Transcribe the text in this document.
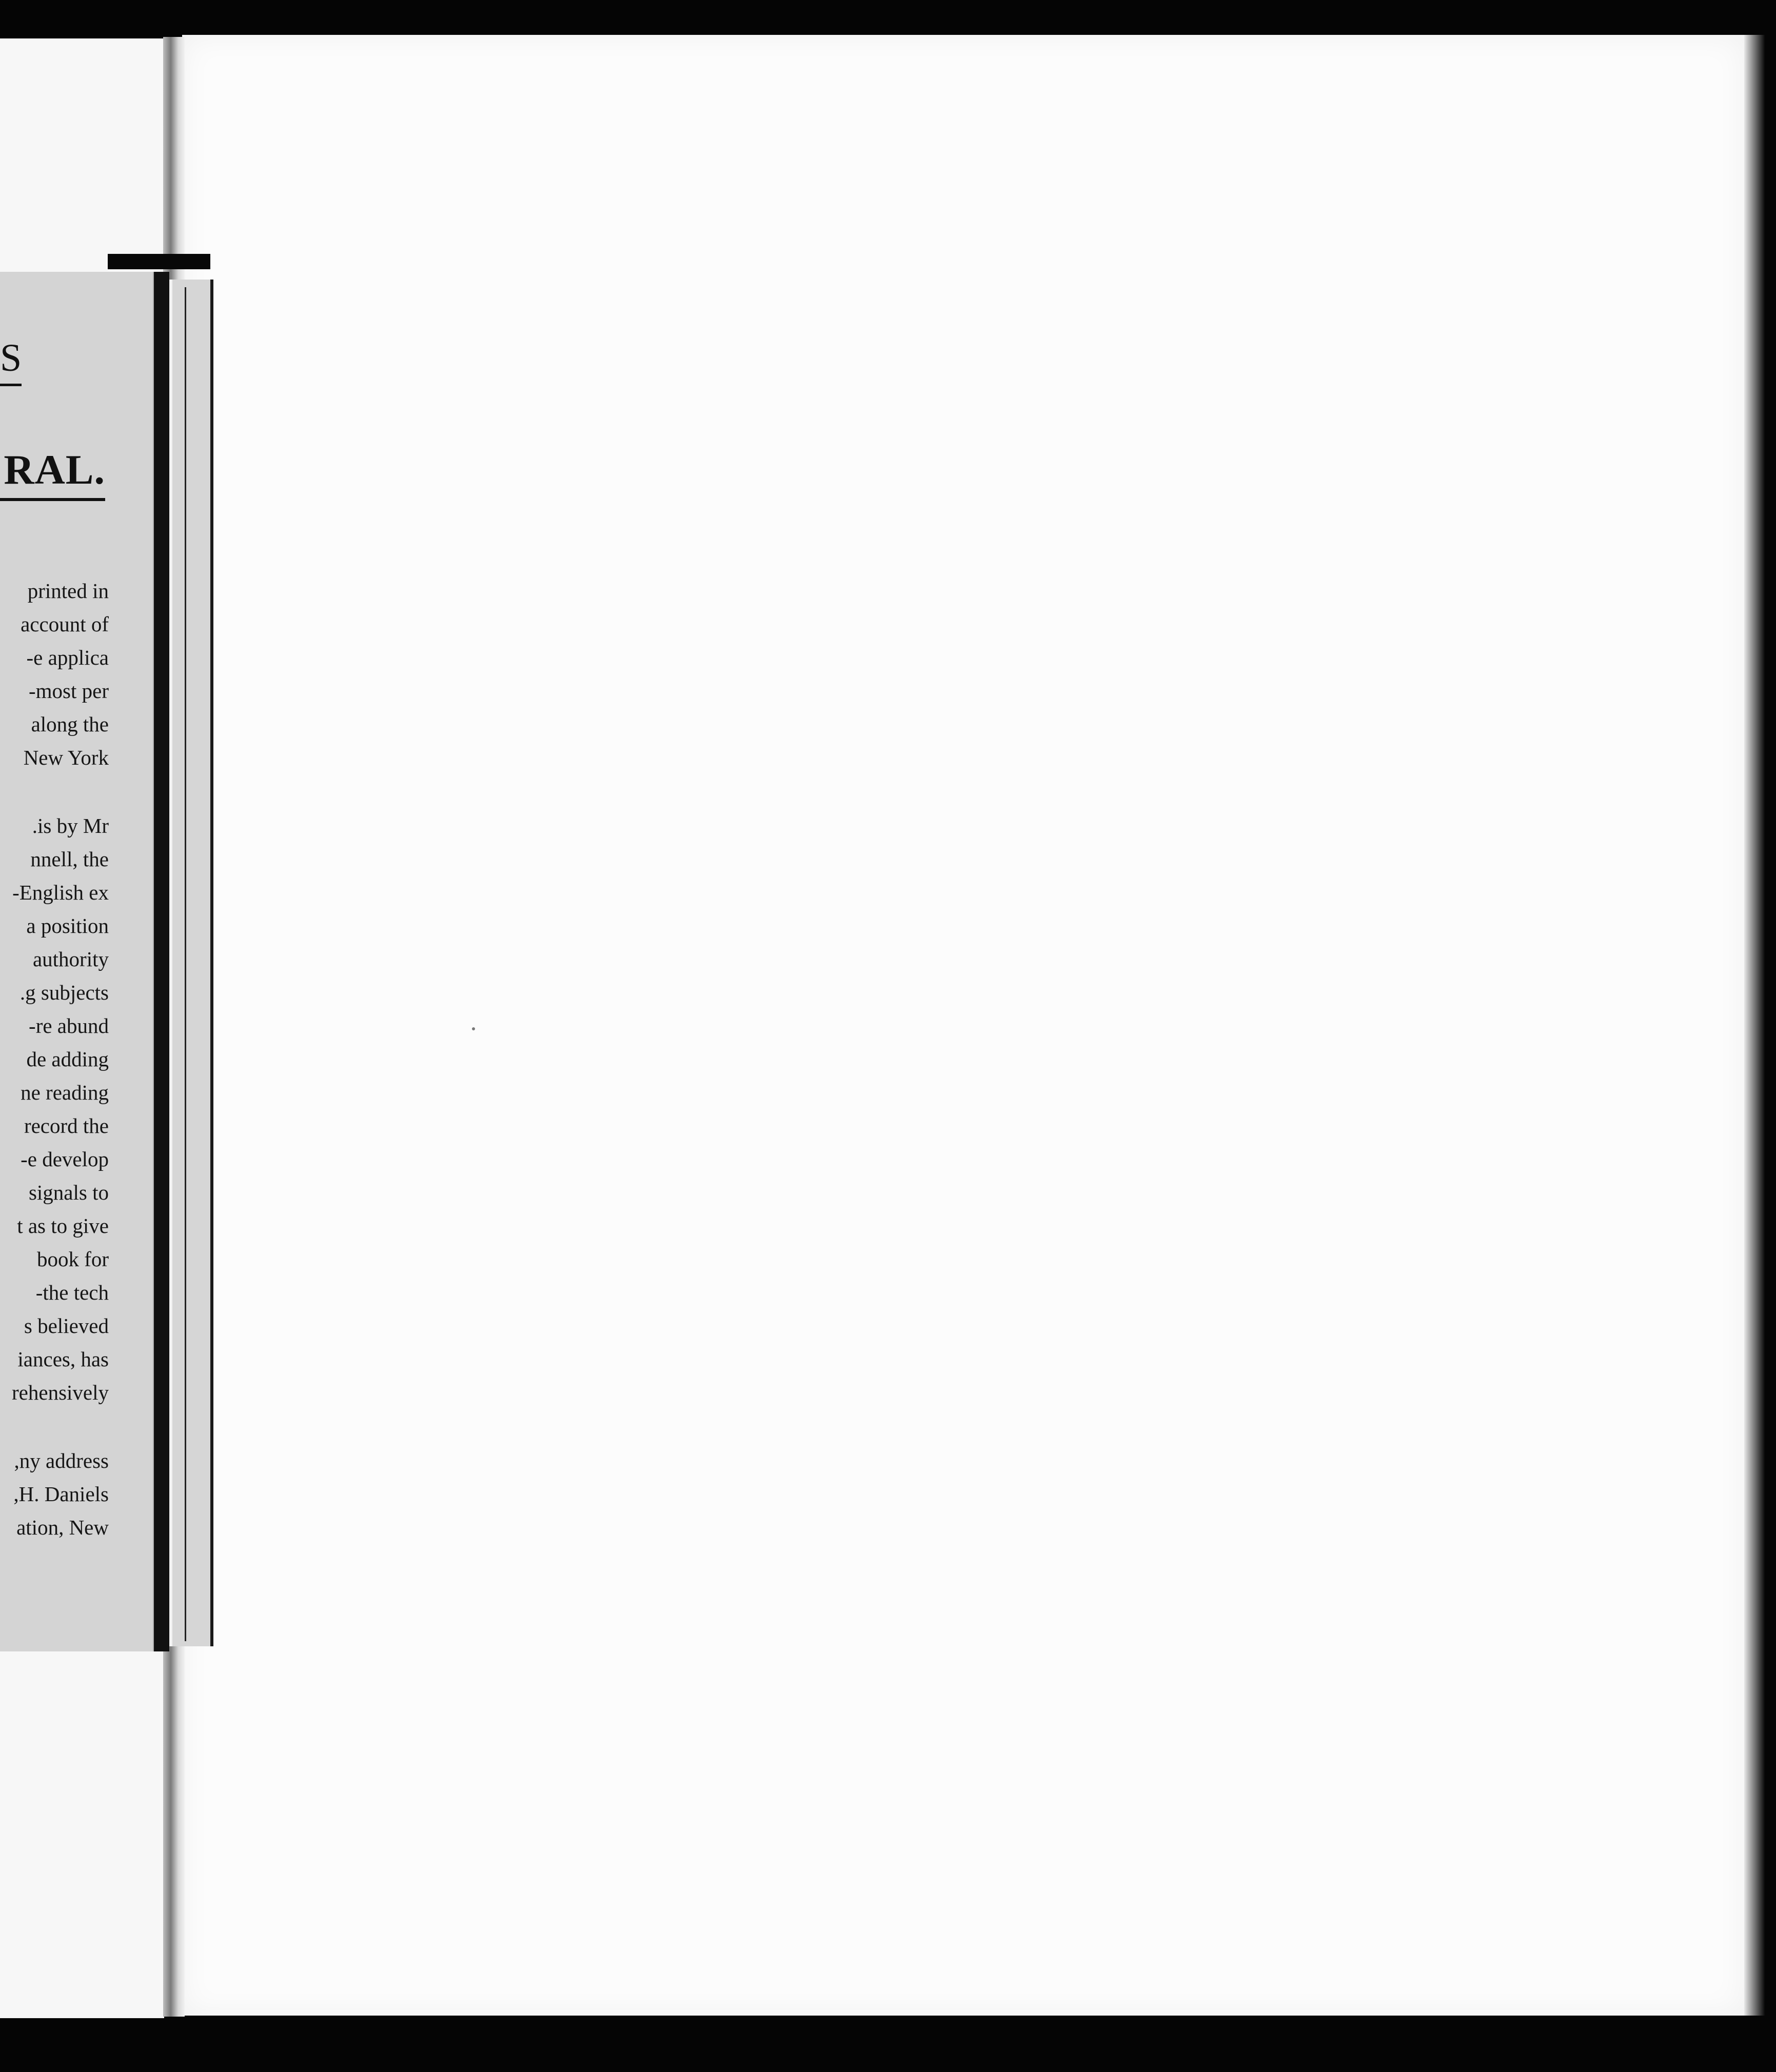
S
RAL.
printed in
account of
e applica-
most per-
along the
New York
is by Mr.
nnell, the
English ex-
a position
authority
g subjects.
re abund-
de adding
ne reading
record the
e develop-
signals to
t as to give
book for
the tech-
s believed
iances, has
rehensively
ny address,
H. Daniels,
ation, New
